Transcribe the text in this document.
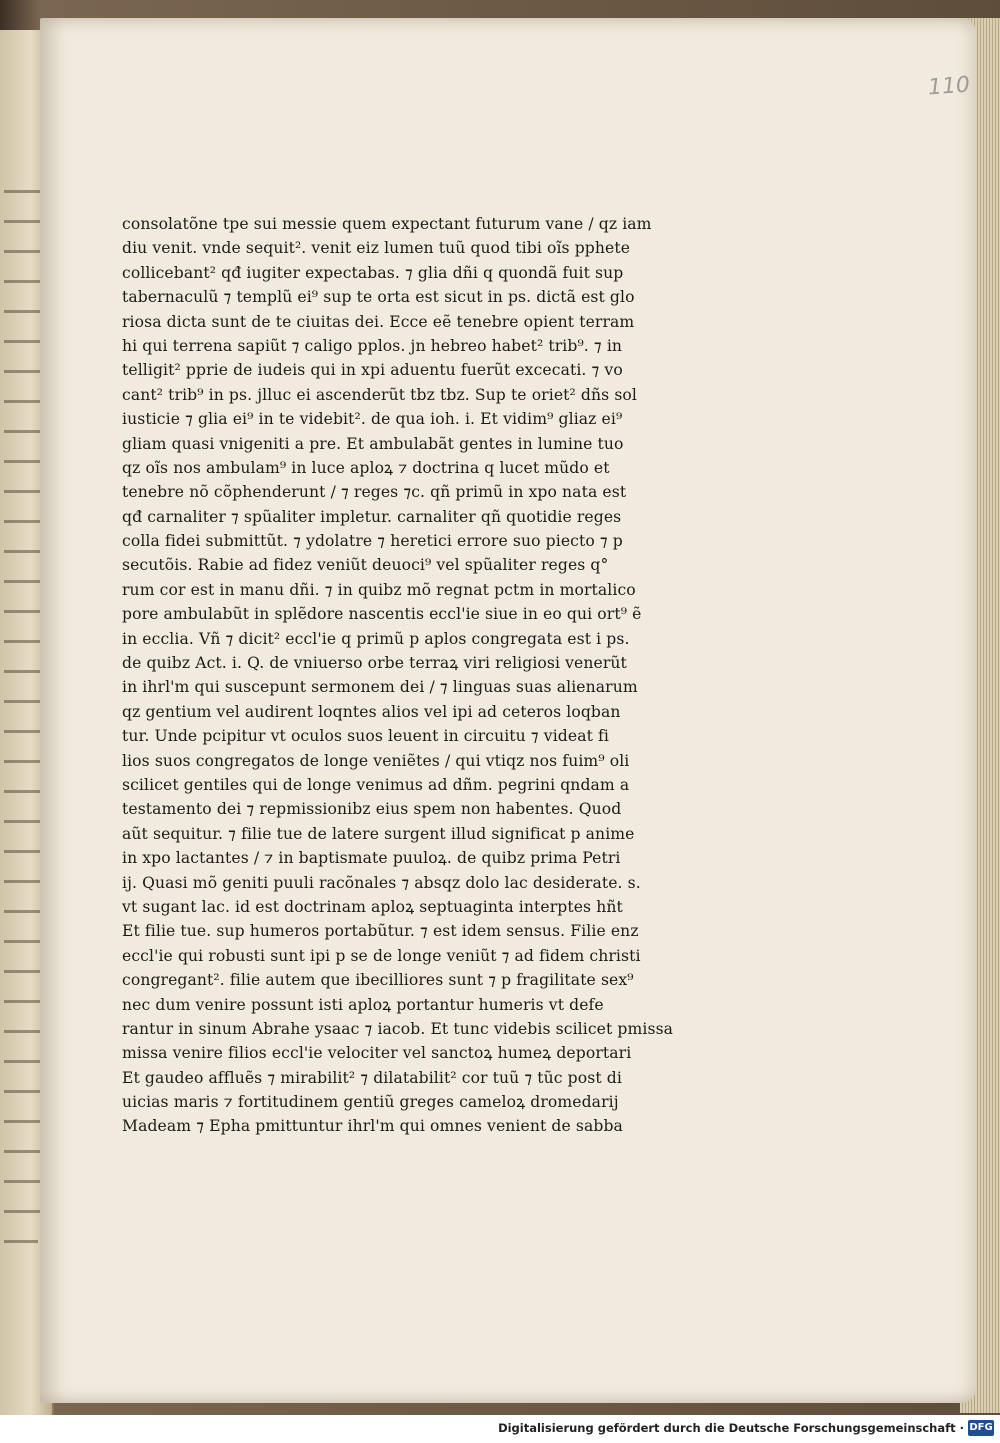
110
consolatõne tpe sui messie quem expectant futurum vane / qz iam
diu venit. vnde sequit². venit eiz lumen tuũ quod tibi oĩs pphete
collicebant² qđ iugiter expectabas. ⁊ glia dñi q quondã fuit sup
tabernaculũ ⁊ templũ ei⁹ sup te orta est sicut in ps. dictã est glo
riosa dicta sunt de te ciuitas dei. Ecce eẽ tenebre opient terram
hi qui terrena sapiũt ⁊ caligo pplos. jn hebreo habet² trib⁹. ⁊ in
telligit² pprie de iudeis qui in xpi aduentu fuerũt excecati. ⁊ vo
cant² trib⁹ in ps. jlluc ei ascenderũt tbz tbz. Sup te oriet² dñs sol
iusticie ⁊ glia ei⁹ in te videbit². de qua ioh. i. Et vidim⁹ gliaz ei⁹
gliam quasi vnigeniti a pre. Et ambulabãt gentes in lumine tuo
qz oĩs nos ambulam⁹ in luce aploꝝ ⁊ doctrina q lucet mũdo et
tenebre nõ cõphenderunt / ⁊ reges ⁊c. qñ primũ in xpo nata est
qđ carnaliter ⁊ spũaliter impletur. carnaliter qñ quotidie reges
colla fidei submittũt. ⁊ ydolatre ⁊ heretici errore suo piecto ⁊ p
secutõis. Rabie ad fidez veniũt deuoci⁹ vel spũaliter reges q°
rum cor est in manu dñi. ⁊ in quibz mõ regnat pctm in mortalico
pore ambulabũt in splẽdore nascentis eccl'ie siue in eo qui ort⁹ ẽ
in ecclia. Vñ ⁊ dicit² eccl'ie q primũ p aplos congregata est i ps.
de quibz Act. i. Q. de vniuerso orbe terraꝝ viri religiosi venerũt
in ihrl'm qui suscepunt sermonem dei / ⁊ linguas suas alienarum
qz gentium vel audirent loqntes alios vel ipi ad ceteros loqban
tur. Unde pcipitur vt oculos suos leuent in circuitu ⁊ videat fi
lios suos congregatos de longe veniẽtes / qui vtiqz nos fuim⁹ oli
scilicet gentiles qui de longe venimus ad dñm. pegrini qndam a
testamento dei ⁊ repmissionibz eius spem non habentes. Quod
aũt sequitur. ⁊ filie tue de latere surgent illud significat p anime
in xpo lactantes / ⁊ in baptismate puuloꝝ. de quibz prima Petri
ij. Quasi mõ geniti puuli racõnales ⁊ absqz dolo lac desiderate. s.
vt sugant lac. id est doctrinam aploꝝ septuaginta interptes hñt
Et filie tue. sup humeros portabũtur. ⁊ est idem sensus. Filie enz
eccl'ie qui robusti sunt ipi p se de longe veniũt ⁊ ad fidem christi
congregant². filie autem que ibecilliores sunt ⁊ p fragilitate sex⁹
nec dum venire possunt isti aploꝝ portantur humeris vt defe
rantur in sinum Abrahe ysaac ⁊ iacob. Et tunc videbis scilicet pmissa
missa venire filios eccl'ie velociter vel sanctoꝝ humeꝝ deportari
Et gaudeo affluẽs ⁊ mirabilit² ⁊ dilatabilit² cor tuũ ⁊ tũc post di
uicias maris ⁊ fortitudinem gentiũ greges cameloꝝ dromedarij
Madeam ⁊ Epha pmittuntur ihrl'm qui omnes venient de sabba
Digitalisierung gefördert durch die Deutsche Forschungsgemeinschaft · DFG
